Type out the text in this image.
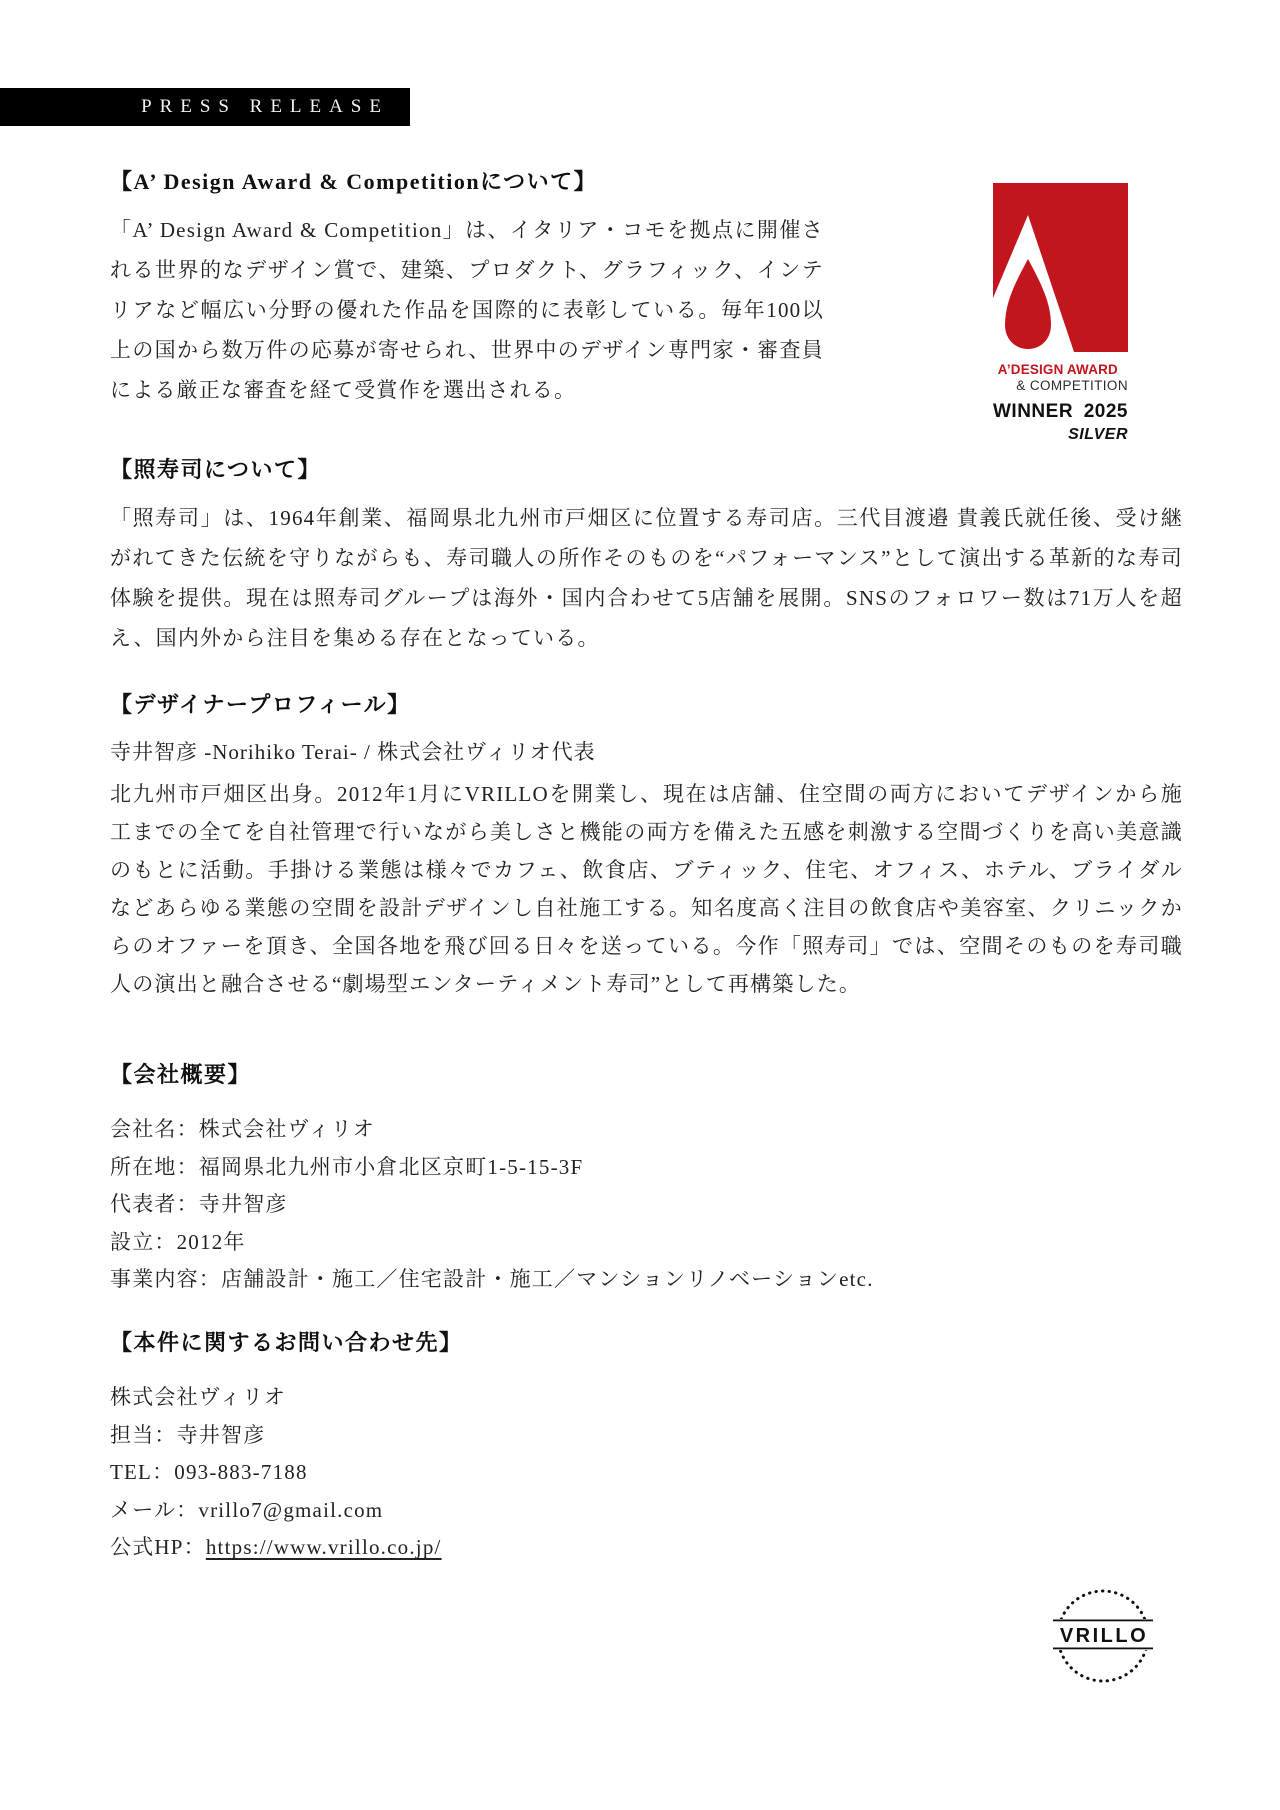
PRESS RELEASE
【A’ Design Award & Competitionについて】
「A’ Design Award & Competition」は、イタリア・コモを拠点に開催される世界的なデザイン賞で、建築、プロダクト、グラフィック、インテリアなど幅広い分野の優れた作品を国際的に表彰している。毎年100以上の国から数万件の応募が寄せられ、世界中のデザイン専門家・審査員による厳正な審査を経て受賞作を選出される。
A’DESIGN AWARD
& COMPETITION
WINNER 2025
SILVER
【照寿司について】
「照寿司」は、1964年創業、福岡県北九州市戸畑区に位置する寿司店。三代目渡邉 貴義氏就任後、受け継がれてきた伝統を守りながらも、寿司職人の所作そのものを“パフォーマンス”として演出する革新的な寿司体験を提供。現在は照寿司グループは海外・国内合わせて5店舗を展開。SNSのフォロワー数は71万人を超え、国内外から注目を集める存在となっている。
【デザイナープロフィール】
寺井智彦 -Norihiko Terai- / 株式会社ヴィリオ代表
北九州市戸畑区出身。2012年1月にVRILLOを開業し、現在は店舗、住空間の両方においてデザインから施工までの全てを自社管理で行いながら美しさと機能の両方を備えた五感を刺激する空間づくりを高い美意識のもとに活動。手掛ける業態は様々でカフェ、飲食店、ブティック、住宅、オフィス、ホテル、ブライダルなどあらゆる業態の空間を設計デザインし自社施工する。知名度高く注目の飲食店や美容室、クリニックからのオファーを頂き、全国各地を飛び回る日々を送っている。今作「照寿司」では、空間そのものを寿司職人の演出と融合させる“劇場型エンターティメント寿司”として再構築した。
【会社概要】
会社名：株式会社ヴィリオ
所在地：福岡県北九州市小倉北区京町1-5-15-3F
代表者：寺井智彦
設立：2012年
事業内容：店舗設計・施工／住宅設計・施工／マンションリノベーションetc.
【本件に関するお問い合わせ先】
株式会社ヴィリオ
担当：寺井智彦
TEL：093-883-7188
メール：vrillo7@gmail.com
公式HP：https://www.vrillo.co.jp/
VRILLO
